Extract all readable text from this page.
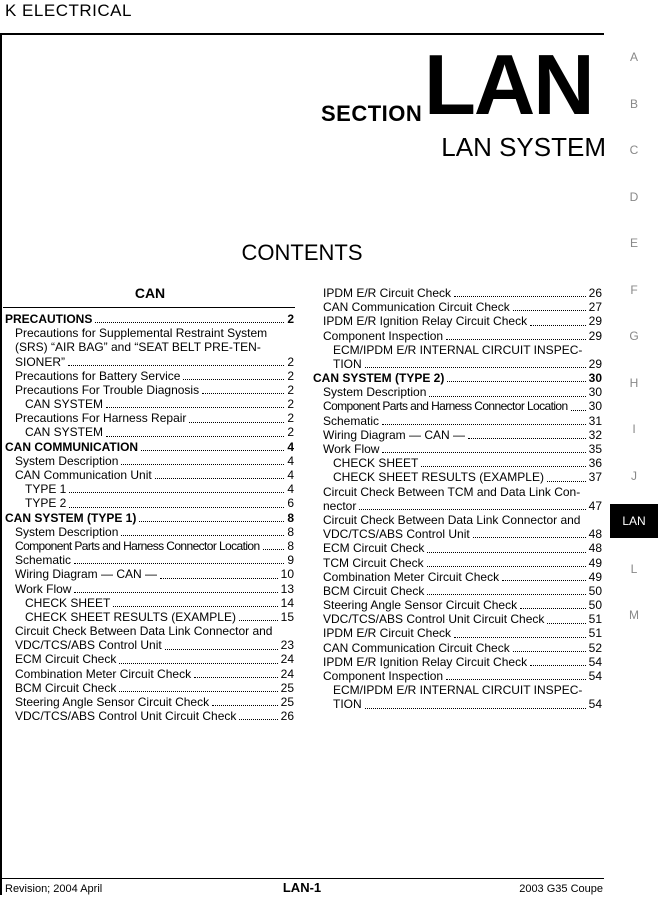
K ELECTRICAL
SECTION LAN
LAN SYSTEM
CONTENTS
CAN
PRECAUTIONS	2
Precautions for Supplemental Restraint System
(SRS) “AIR BAG” and “SEAT BELT PRE-TEN-
SIONER”	2
Precautions for Battery Service	2
Precautions For Trouble Diagnosis	2
CAN SYSTEM	2
Precautions For Harness Repair	2
CAN SYSTEM	2
CAN COMMUNICATION	4
System Description	4
CAN Communication Unit	4
TYPE 1	4
TYPE 2	6
CAN SYSTEM (TYPE 1)	8
System Description	8
Component Parts and Harness Connector Location 8
Schematic	9
Wiring Diagram — CAN —	10
Work Flow	13
CHECK SHEET	14
CHECK SHEET RESULTS (EXAMPLE)	15
Circuit Check Between Data Link Connector and
VDC/TCS/ABS Control Unit	23
ECM Circuit Check	24
Combination Meter Circuit Check	24
BCM Circuit Check	25
Steering Angle Sensor Circuit Check	25
VDC/TCS/ABS Control Unit Circuit Check	26
IPDM E/R Circuit Check	26
CAN Communication Circuit Check	27
IPDM E/R Ignition Relay Circuit Check	29
Component Inspection	29
ECM/IPDM E/R INTERNAL CIRCUIT INSPEC-
TION	29
CAN SYSTEM (TYPE 2)	30
System Description	30
Component Parts and Harness Connector Location 30
Schematic	31
Wiring Diagram — CAN —	32
Work Flow	35
CHECK SHEET	36
CHECK SHEET RESULTS (EXAMPLE)	37
Circuit Check Between TCM and Data Link Con-
nector	47
Circuit Check Between Data Link Connector and
VDC/TCS/ABS Control Unit	48
ECM Circuit Check	48
TCM Circuit Check	49
Combination Meter Circuit Check	49
BCM Circuit Check	50
Steering Angle Sensor Circuit Check	50
VDC/TCS/ABS Control Unit Circuit Check	51
IPDM E/R Circuit Check	51
CAN Communication Circuit Check	52
IPDM E/R Ignition Relay Circuit Check	54
Component Inspection	54
ECM/IPDM E/R INTERNAL CIRCUIT INSPEC-
TION	54
A
B
C
D
E
F
G
H
I
J
LAN
L
M
Revision; 2004 April	LAN-1	2003 G35 Coupe
